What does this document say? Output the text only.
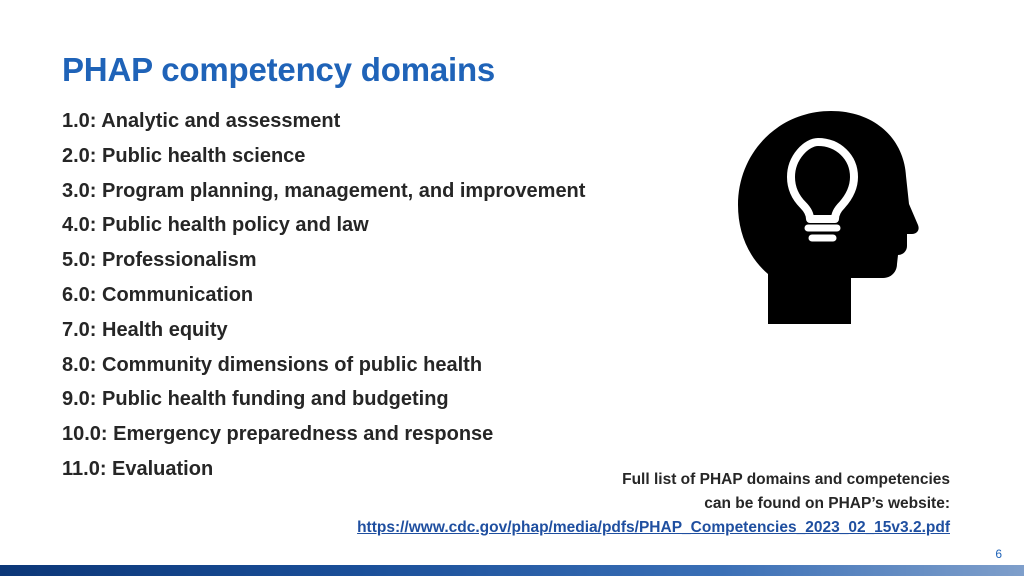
PHAP competency domains
1.0: Analytic and assessment
2.0: Public health science
3.0: Program planning, management, and improvement
4.0: Public health policy and law
5.0: Professionalism
6.0: Communication
7.0: Health equity
8.0: Community dimensions of public health
9.0: Public health funding and budgeting
10.0: Emergency preparedness and response
11.0: Evaluation	Full list of PHAP domains and competencies
can be found on PHAP’s website:
https://www.cdc.gov/phap/media/pdfs/PHAP_Competencies_2023_02_15v3.2.pdf
6
